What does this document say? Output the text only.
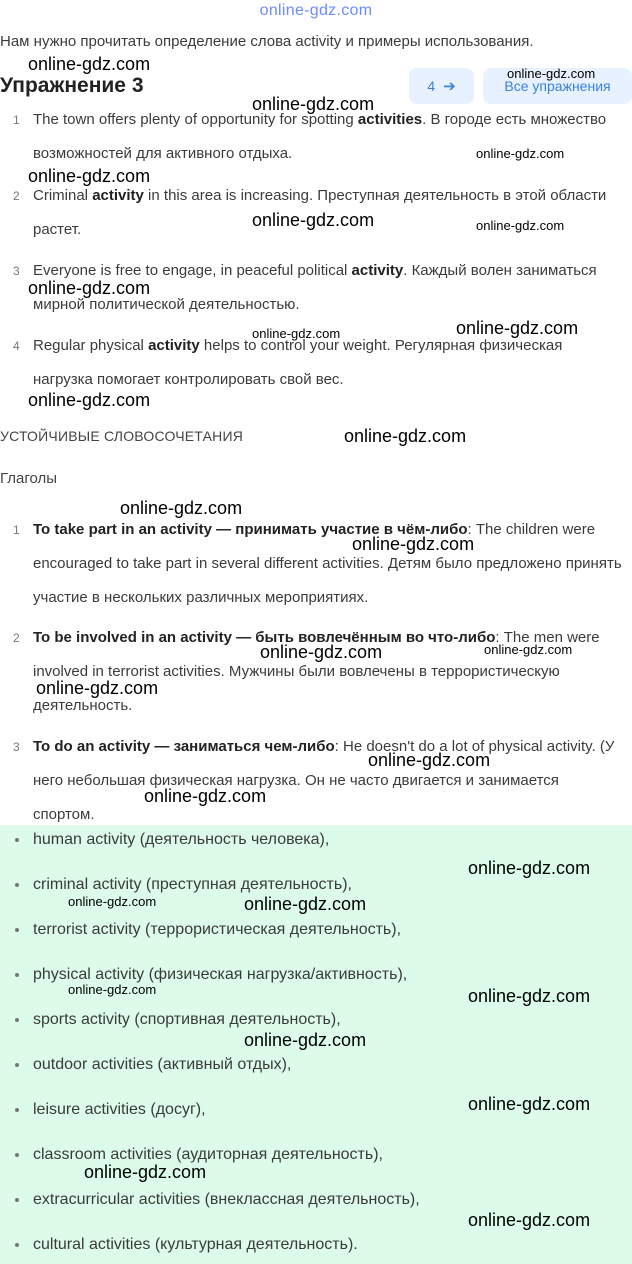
online-gdz.com
Нам нужно прочитать определение слова activity и примеры использования.
Упражнение 3	4 ➔	Все упражнения
1 The town offers plenty of opportunity for spotting activities. В городе есть множество возможностей для активного отдыха.
2 Criminal activity in this area is increasing. Преступная деятельность в этой области растет.
3 Everyone is free to engage, in peaceful political activity. Каждый волен заниматься мирной политической деятельностью.
4 Regular physical activity helps to control your weight. Регулярная физическая нагрузка помогает контролировать свой вес.
УСТОЙЧИВЫЕ СЛОВОСОЧЕТАНИЯ
Глаголы
1 To take part in an activity — принимать участие в чём-либо: The children were encouraged to take part in several different activities. Детям было предложено принять участие в нескольких различных мероприятиях.
2 To be involved in an activity — быть вовлечённым во что-либо: The men were involved in terrorist activities. Мужчины были вовлечены в террористическую деятельность.
3 To do an activity — заниматься чем-либо: He doesn't do a lot of physical activity. (У него небольшая физическая нагрузка. Он не часто двигается и занимается спортом.
human activity (деятельность человека),
criminal activity (преступная деятельность),
terrorist activity (террористическая деятельность),
physical activity (физическая нагрузка/активность),
sports activity (спортивная деятельность),
outdoor activities (активный отдых),
leisure activities (досуг),
classroom activities (аудиторная деятельность),
extracurricular activities (внеклассная деятельность),
cultural activities (культурная деятельность).
online-gdz.com	online-gdz.com
online-gdz.com
online-gdz.com
online-gdz.com
online-gdz.com	online-gdz.com
online-gdz.com
online-gdz.com
online-gdz.com
online-gdz.com
online-gdz.com
online-gdz.com
online-gdz.com
online-gdz.com	online-gdz.com
online-gdz.com
online-gdz.com
online-gdz.com
online-gdz.com
online-gdz.com	online-gdz.com
online-gdz.com	online-gdz.com
online-gdz.com
online-gdz.com
online-gdz.com
online-gdz.com
